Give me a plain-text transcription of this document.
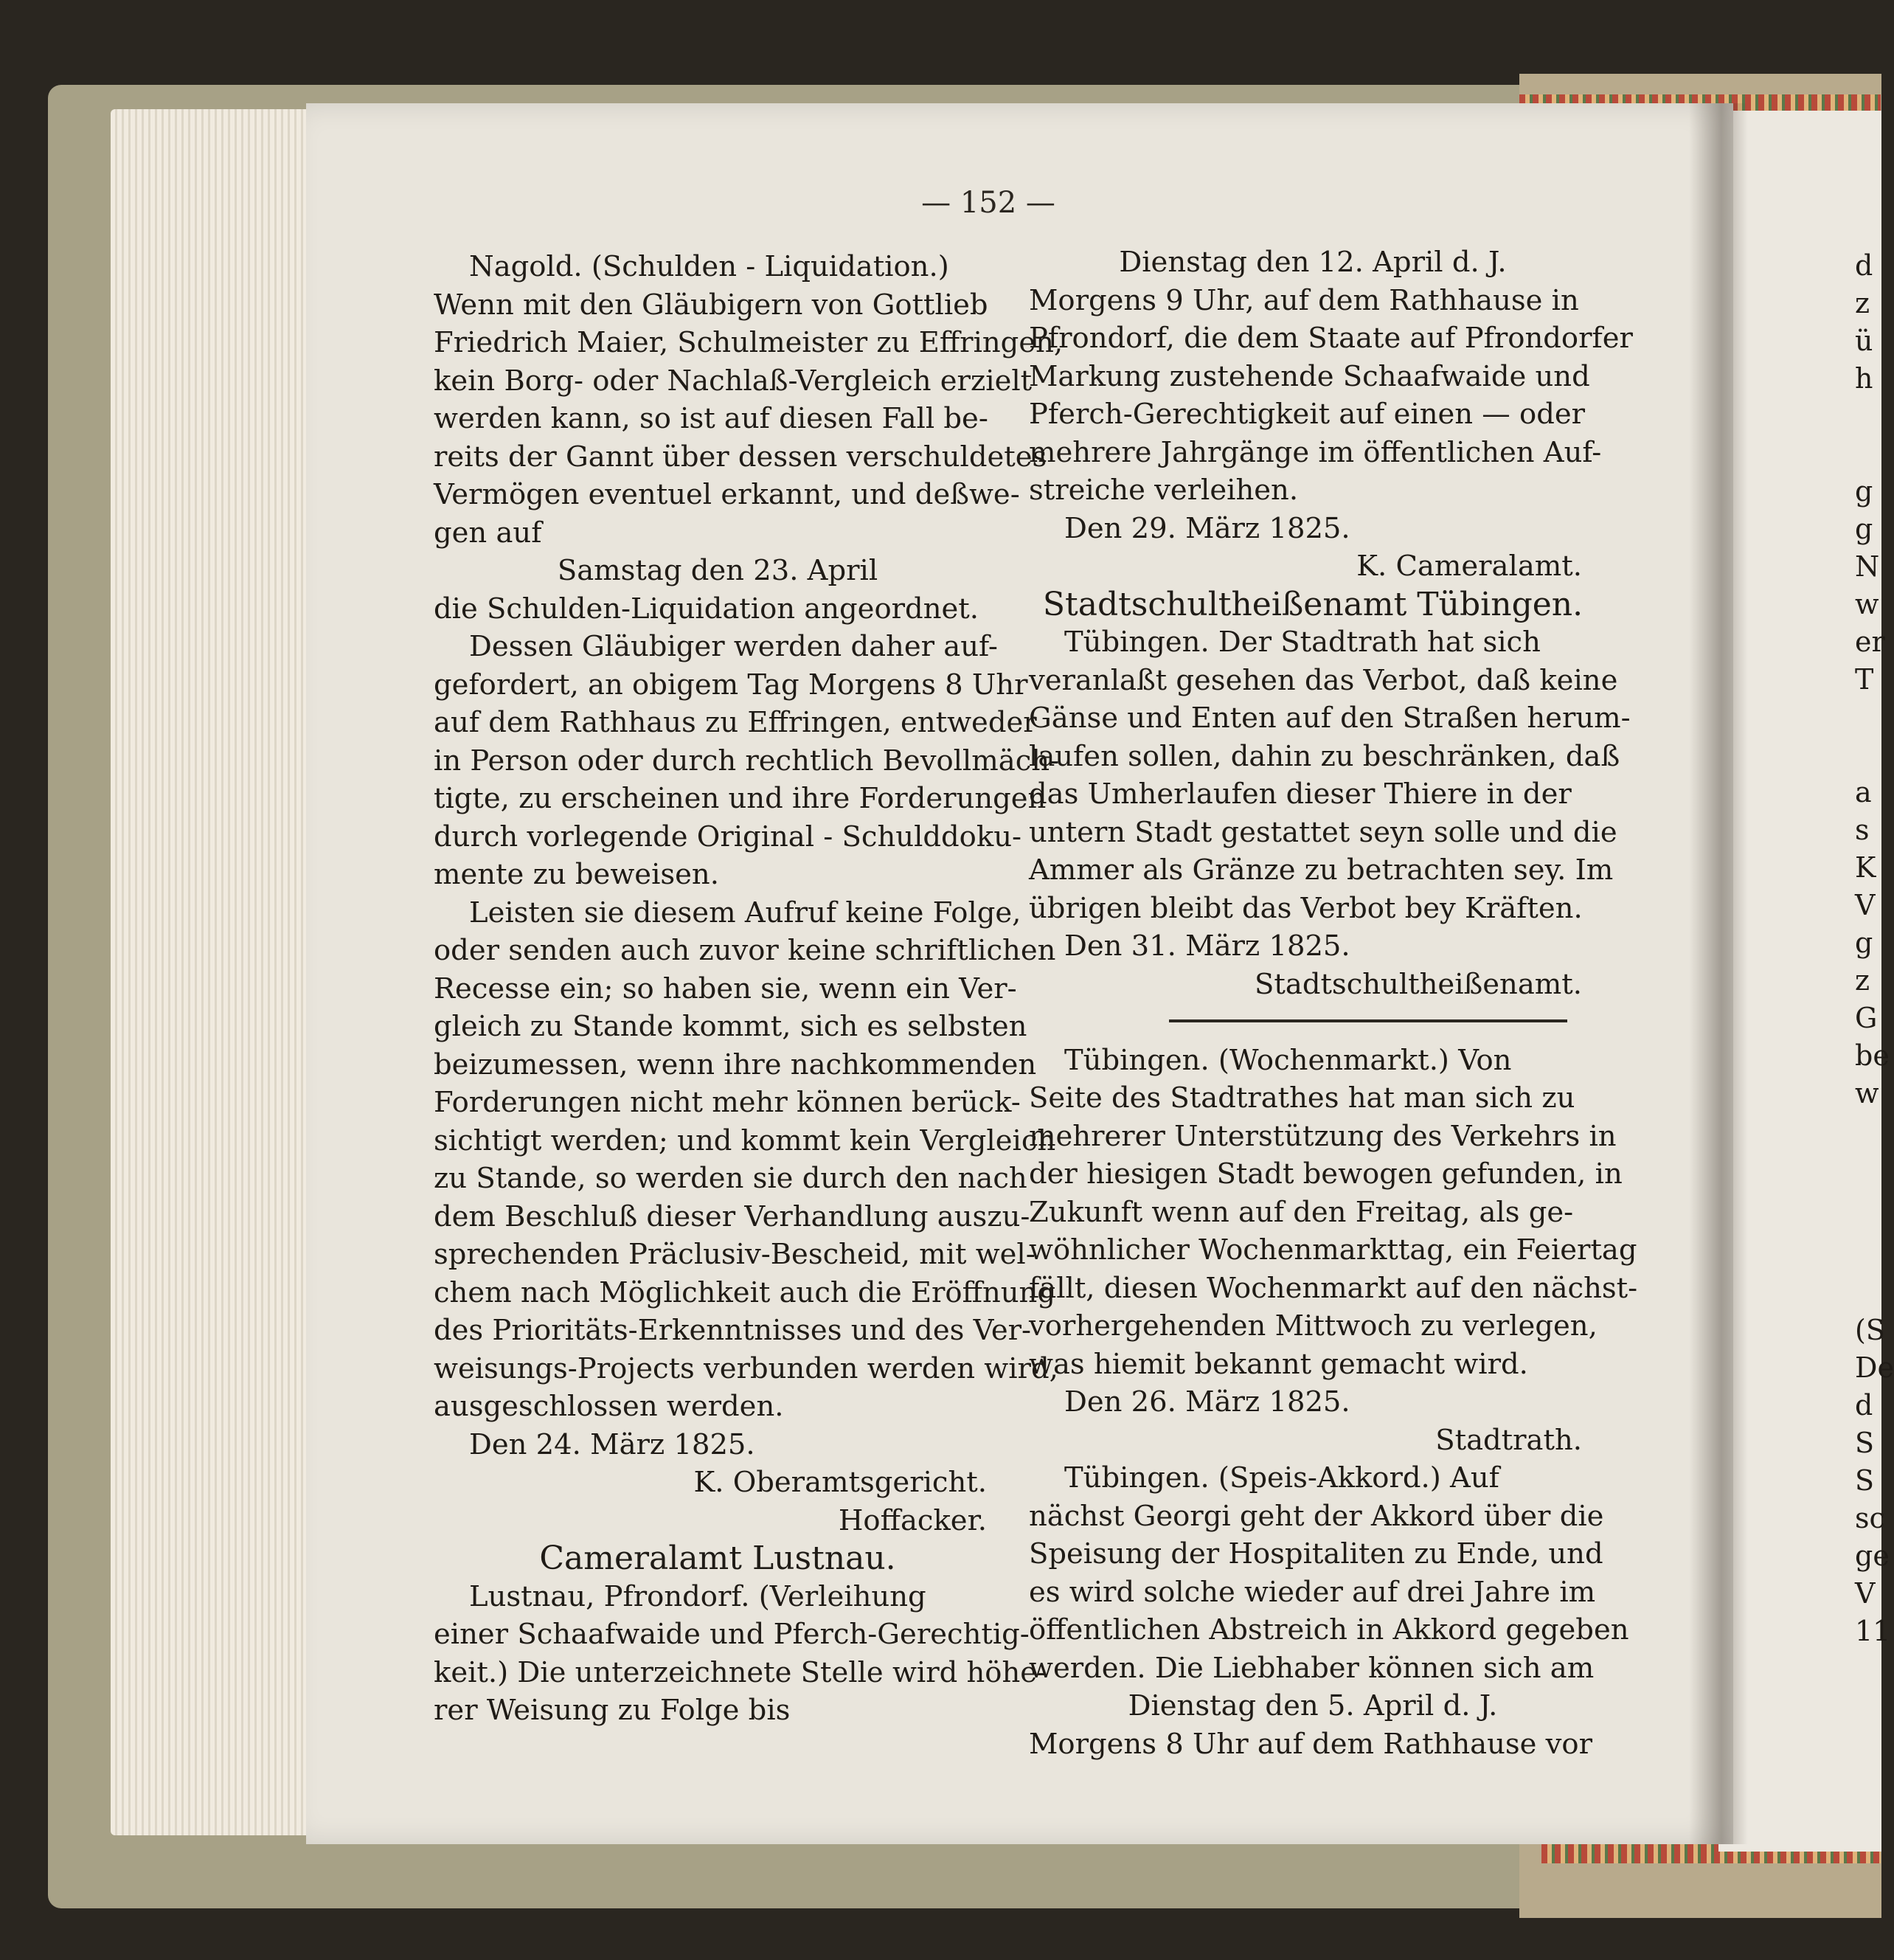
— 152 —
Nagold. (Schulden - Liquidation.)
Wenn mit den Gläubigern von Gottlieb
Friedrich Maier, Schulmeister zu Effringen,
kein Borg- oder Nachlaß-Vergleich erzielt
werden kann, so ist auf diesen Fall be-
reits der Gannt über dessen verschuldetes
Vermögen eventuel erkannt, und deßwe-
gen auf
Samstag den 23. April
die Schulden-Liquidation angeordnet.
Dessen Gläubiger werden daher auf-
gefordert, an obigem Tag Morgens 8 Uhr
auf dem Rathhaus zu Effringen, entweder
in Person oder durch rechtlich Bevollmäch-
tigte, zu erscheinen und ihre Forderungen
durch vorlegende Original - Schulddoku-
mente zu beweisen.
Leisten sie diesem Aufruf keine Folge,
oder senden auch zuvor keine schriftlichen
Recesse ein; so haben sie, wenn ein Ver-
gleich zu Stande kommt, sich es selbsten
beizumessen, wenn ihre nachkommenden
Forderungen nicht mehr können berück-
sichtigt werden; und kommt kein Vergleich
zu Stande, so werden sie durch den nach
dem Beschluß dieser Verhandlung auszu-
sprechenden Präclusiv-Bescheid, mit wel-
chem nach Möglichkeit auch die Eröffnung
des Prioritäts-Erkenntnisses und des Ver-
weisungs-Projects verbunden werden wird,
ausgeschlossen werden.
Den 24. März 1825.
K. Oberamtsgericht.
Hoffacker.
Cameralamt Lustnau.
Lustnau, Pfrondorf. (Verleihung
einer Schaafwaide und Pferch-Gerechtig-
keit.) Die unterzeichnete Stelle wird höhe-
rer Weisung zu Folge bis
Dienstag den 12. April d. J.
Morgens 9 Uhr, auf dem Rathhause in
Pfrondorf, die dem Staate auf Pfrondorfer
Markung zustehende Schaafwaide und
Pferch-Gerechtigkeit auf einen — oder
mehrere Jahrgänge im öffentlichen Auf-
streiche verleihen.
Den 29. März 1825.
K. Cameralamt.
Stadtschultheißenamt Tübingen.
Tübingen. Der Stadtrath hat sich
veranlaßt gesehen das Verbot, daß keine
Gänse und Enten auf den Straßen herum-
laufen sollen, dahin zu beschränken, daß
das Umherlaufen dieser Thiere in der
untern Stadt gestattet seyn solle und die
Ammer als Gränze zu betrachten sey. Im
übrigen bleibt das Verbot bey Kräften.
Den 31. März 1825.
Stadtschultheißenamt.
Tübingen. (Wochenmarkt.) Von
Seite des Stadtrathes hat man sich zu
mehrerer Unterstützung des Verkehrs in
der hiesigen Stadt bewogen gefunden, in
Zukunft wenn auf den Freitag, als ge-
wöhnlicher Wochenmarkttag, ein Feiertag
fällt, diesen Wochenmarkt auf den nächst-
vorhergehenden Mittwoch zu verlegen,
was hiemit bekannt gemacht wird.
Den 26. März 1825.
Stadtrath.
Tübingen. (Speis-Akkord.) Auf
nächst Georgi geht der Akkord über die
Speisung der Hospitaliten zu Ende, und
es wird solche wieder auf drei Jahre im
öffentlichen Abstreich in Akkord gegeben
werden. Die Liebhaber können sich am
Dienstag den 5. April d. J.
Morgens 8 Uhr auf dem Rathhause vor
d
z
ü
h
g
g
N
w
er
T
a
s
K
V
g
z
G
be
w
(S
De
d
S
S
sc
ge
V
11
